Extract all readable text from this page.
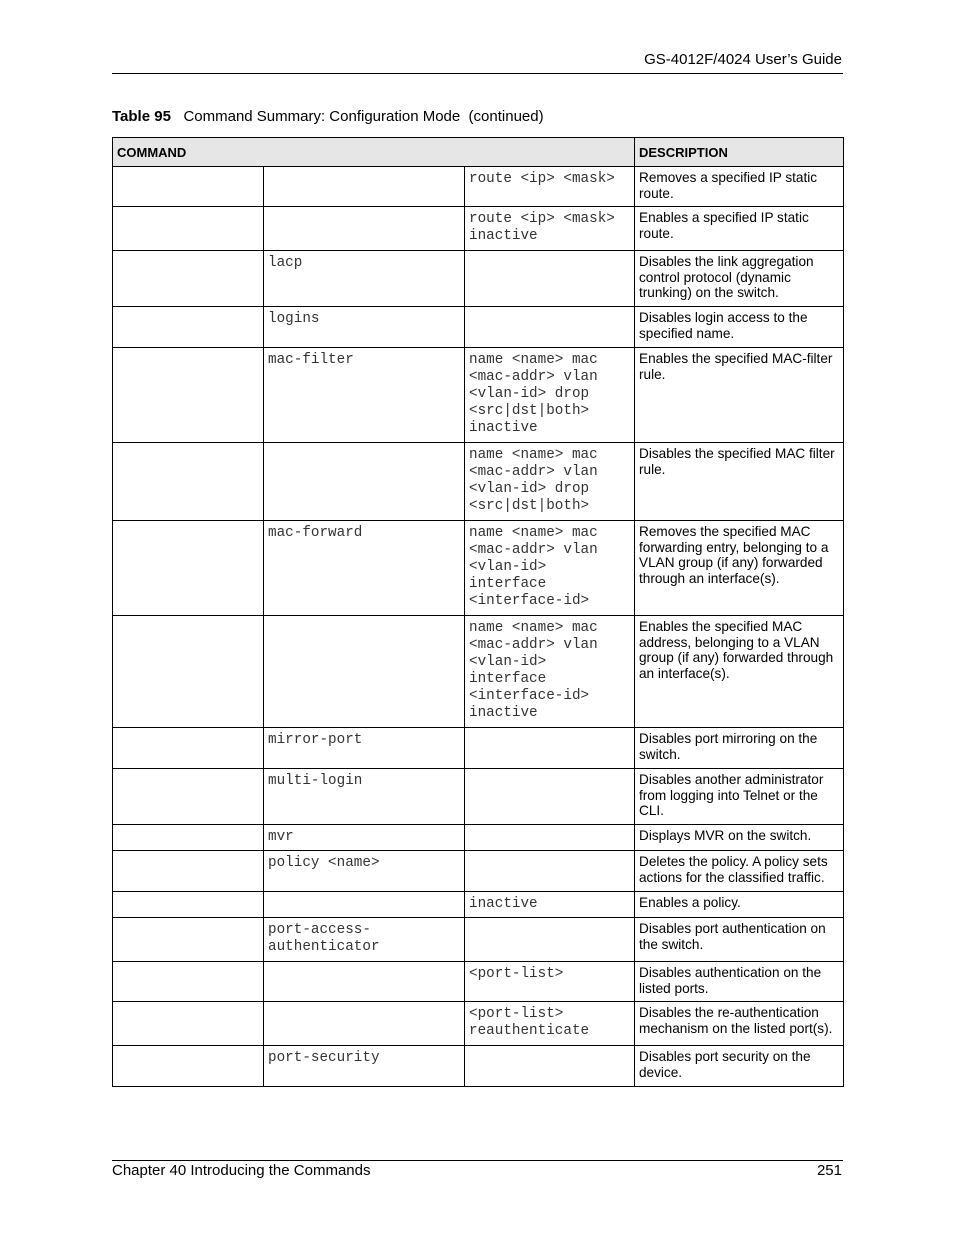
GS-4012F/4024 User’s Guide
Table 95 Command Summary: Configuration Mode  (continued)
COMMAND			DESCRIPTION

		route <ip> <mask>	Removes a specified IP static route.

		route <ip> <mask> inactive	Enables a specified IP static route.

	lacp		Disables the link aggregation control protocol (dynamic trunking) on the switch.

	logins		Disables login access to the specified name.

	mac-filter	name <name> mac <mac-addr> vlan <vlan-id> drop <src|dst|both> inactive	Enables the specified MAC-filter rule.

		name <name> mac <mac-addr> vlan <vlan-id> drop <src|dst|both>	Disables the specified MAC filter rule.

	mac-forward	name <name> mac <mac-addr> vlan <vlan-id> interface <interface-id>	Removes the specified MAC forwarding entry, belonging to a VLAN group (if any) forwarded through an interface(s).

		name <name> mac <mac-addr> vlan <vlan-id> interface <interface-id> inactive	Enables the specified MAC address, belonging to a VLAN group (if any) forwarded through an interface(s).

	mirror-port		Disables port mirroring on the switch.

	multi-login		Disables another administrator from logging into Telnet or the CLI.

	mvr		Displays MVR on the switch.

	policy <name>		Deletes the policy. A policy sets actions for the classified traffic.

		inactive	Enables a policy.

	port-access-authenticator		Disables port authentication on the switch.

		<port-list>	Disables authentication on the listed ports.

		<port-list> reauthenticate	Disables the re-authentication mechanism on the listed port(s).

	port-security		Disables port security on the device.
Chapter 40 Introducing the Commands	251
